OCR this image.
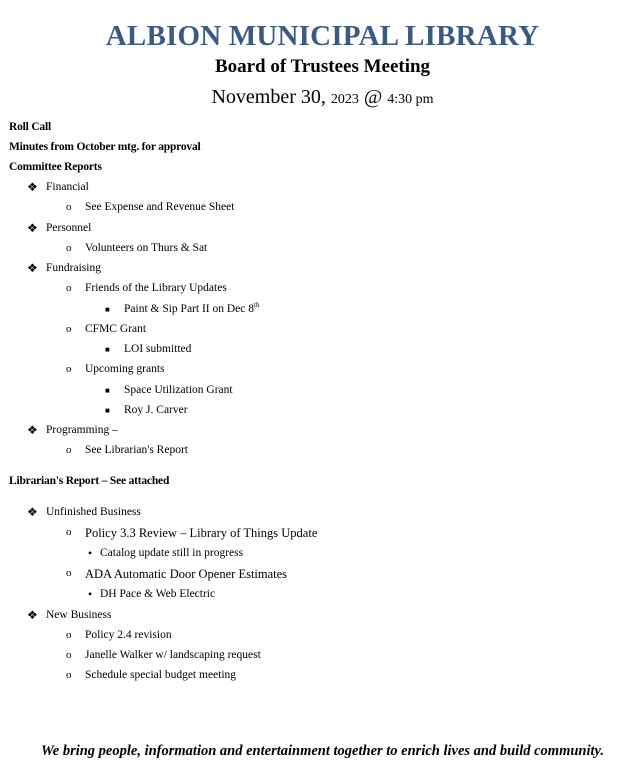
ALBION MUNICIPAL LIBRARY
Board of Trustees Meeting
November 30, 2023 @ 4:30 pm
Roll Call
Minutes from October mtg. for approval
Committee Reports
❖ Financial
o See Expense and Revenue Sheet
❖ Personnel
o Volunteers on Thurs & Sat
❖ Fundraising
o Friends of the Library Updates
■ Paint & Sip Part II on Dec 8th
o CFMC Grant
■ LOI submitted
o Upcoming grants
■ Space Utilization Grant
■ Roy J. Carver
❖ Programming –
o See Librarian's Report
Librarian's Report – See attached
❖ Unfinished Business
o Policy 3.3 Review – Library of Things Update
• Catalog update still in progress
o ADA Automatic Door Opener Estimates
• DH Pace & Web Electric
❖ New Business
o Policy 2.4 revision
o Janelle Walker w/ landscaping request
o Schedule special budget meeting
We bring people, information and entertainment together to enrich lives and build community.
